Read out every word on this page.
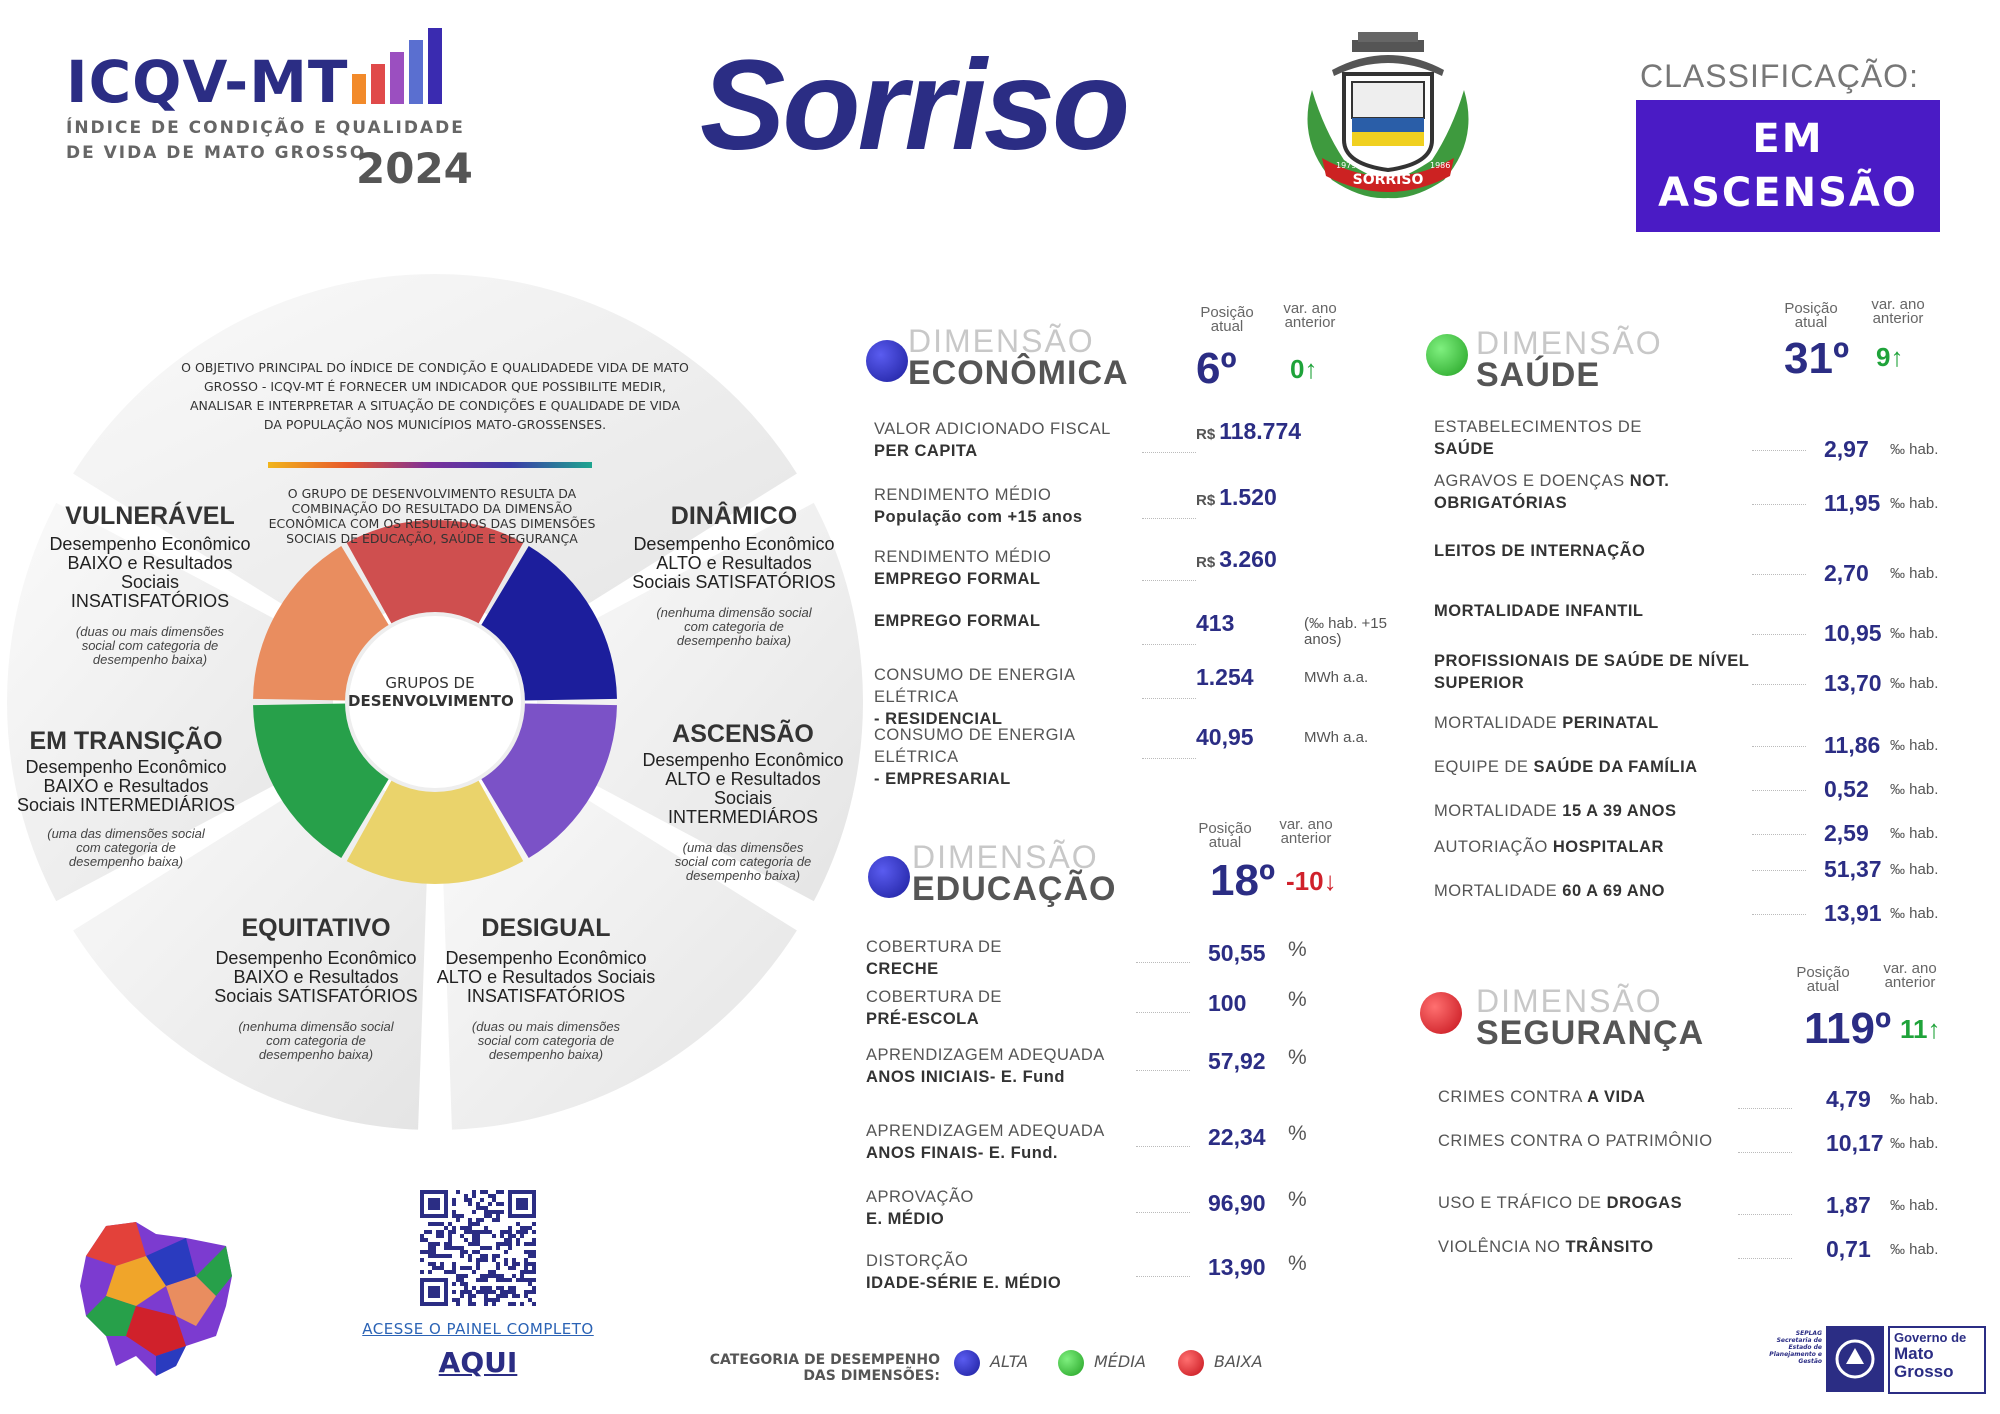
ICQV-MT
ÍNDICE DE CONDIÇÃO E QUALIDADE DE VIDA DE MATO GROSSO
2024 Sorriso
SORRISO
1979	1986
CLASSIFICAÇÃO:
EM
ASCENSÃO
O OBJETIVO PRINCIPAL DO ÍNDICE DE CONDIÇÃO E QUALIDADEDE VIDA DE MATO GROSSO - ICQV-MT É FORNECER UM INDICADOR QUE POSSIBILITE MEDIR, ANALISAR E INTERPRETAR A SITUAÇÃO DE CONDIÇÕES E QUALIDADE DE VIDA DA POPULAÇÃO NOS MUNICÍPIOS MATO-GROSSENSES.
O GRUPO DE DESENVOLVIMENTO RESULTA DA COMBINAÇÃO DO RESULTADO DA DIMENSÃO ECONÔMICA COM OS RESULTADOS DAS DIMENSÕES SOCIAIS DE EDUCAÇÃO, SAÚDE E SEGURANÇA
GRUPOS DE
DESENVOLVIMENTO
VULNERÁVEL
Desempenho Econômico BAIXO e Resultados Sociais INSATISFATÓRIOS
(duas ou mais dimensões social com categoria de desempenho baixa)
DINÂMICO
Desempenho Econômico ALTO e Resultados Sociais SATISFATÓRIOS
(nenhuma dimensão social com categoria de desempenho baixa)
EM TRANSIÇÃO
Desempenho Econômico BAIXO e Resultados Sociais INTERMEDIÁRIOS
(uma das dimensões social com categoria de desempenho baixa)
ASCENSÃO
Desempenho Econômico ALTO e Resultados Sociais INTERMEDIÁROS
(uma das dimensões social com categoria de desempenho baixa)
EQUITATIVO
Desempenho Econômico BAIXO e Resultados Sociais SATISFATÓRIOS
(nenhuma dimensão social com categoria de desempenho baixa)
DESIGUAL
Desempenho Econômico ALTO e Resultados Sociais INSATISFATÓRIOS
(duas ou mais dimensões social com categoria de desempenho baixa)
DIMENSÃO
ECONÔMICA
Posição atual
var. ano anterior
6º 0↑
VALOR ADICIONADO FISCAL
PER CAPITA
R$ 118.774
RENDIMENTO MÉDIO
População com +15 anos
R$ 1.520
RENDIMENTO MÉDIO
EMPREGO FORMAL
R$ 3.260
EMPREGO FORMAL	413	(‰ hab. +15 anos)
CONSUMO DE ENERGIA ELÉTRICA
- RESIDENCIAL
1.254	MWh a.a.
CONSUMO DE ENERGIA ELÉTRICA
- EMPRESARIAL
40,95	MWh a.a.
DIMENSÃO
EDUCAÇÃO
Posição atual
var. ano anterior
18º -10↓
COBERTURA DE
CRECHE
50,55 %
COBERTURA DE
PRÉ-ESCOLA
100 %
APRENDIZAGEM ADEQUADA
ANOS INICIAIS- E. Fund
57,92 %
APRENDIZAGEM ADEQUADA
ANOS FINAIS- E. Fund.
22,34 %
APROVAÇÃO
E. MÉDIO
96,90 %
DISTORÇÃO
IDADE-SÉRIE E. MÉDIO
13,90 %
DIMENSÃO
SAÚDE
Posição atual
var. ano anterior
31º 9↑
ESTABELECIMENTOS DE
SAÚDE	2,97 ‰ hab.
AGRAVOS E DOENÇAS NOT. OBRIGATÓRIAS	11,95 ‰ hab.
LEITOS DE INTERNAÇÃO
2,70 ‰ hab.
MORTALIDADE INFANTIL
10,95 ‰ hab.
PROFISSIONAIS DE SAÚDE DE NÍVEL SUPERIOR	13,70 ‰ hab.
MORTALIDADE PERINATAL
11,86 ‰ hab.
EQUIPE DE SAÚDE DA FAMÍLIA
0,52 ‰ hab.
MORTALIDADE 15 A 39 ANOS
2,59 ‰ hab.
AUTORIAÇÃO HOSPITALAR
51,37 ‰ hab.
MORTALIDADE 60 A 69 ANO
13,91 ‰ hab.
DIMENSÃO
SEGURANÇA
Posição atual
var. ano anterior
119º 11↑
CRIMES CONTRA A VIDA	4,79 ‰ hab.
CRIMES CONTRA O PATRIMÔNIO	10,17 ‰ hab.
USO E TRÁFICO DE DROGAS	1,87 ‰ hab.
VIOLÊNCIA NO TRÂNSITO	0,71 ‰ hab.
ACESSE O PAINEL COMPLETO
AQUI	CATEGORIA DE DESEMPENHO DAS DIMENSÕES:
ALTA	MÉDIA	BAIXA
SEPLAG Secretaria de Estado de Planejamento e Gestão
Governo de
Mato
Grosso
